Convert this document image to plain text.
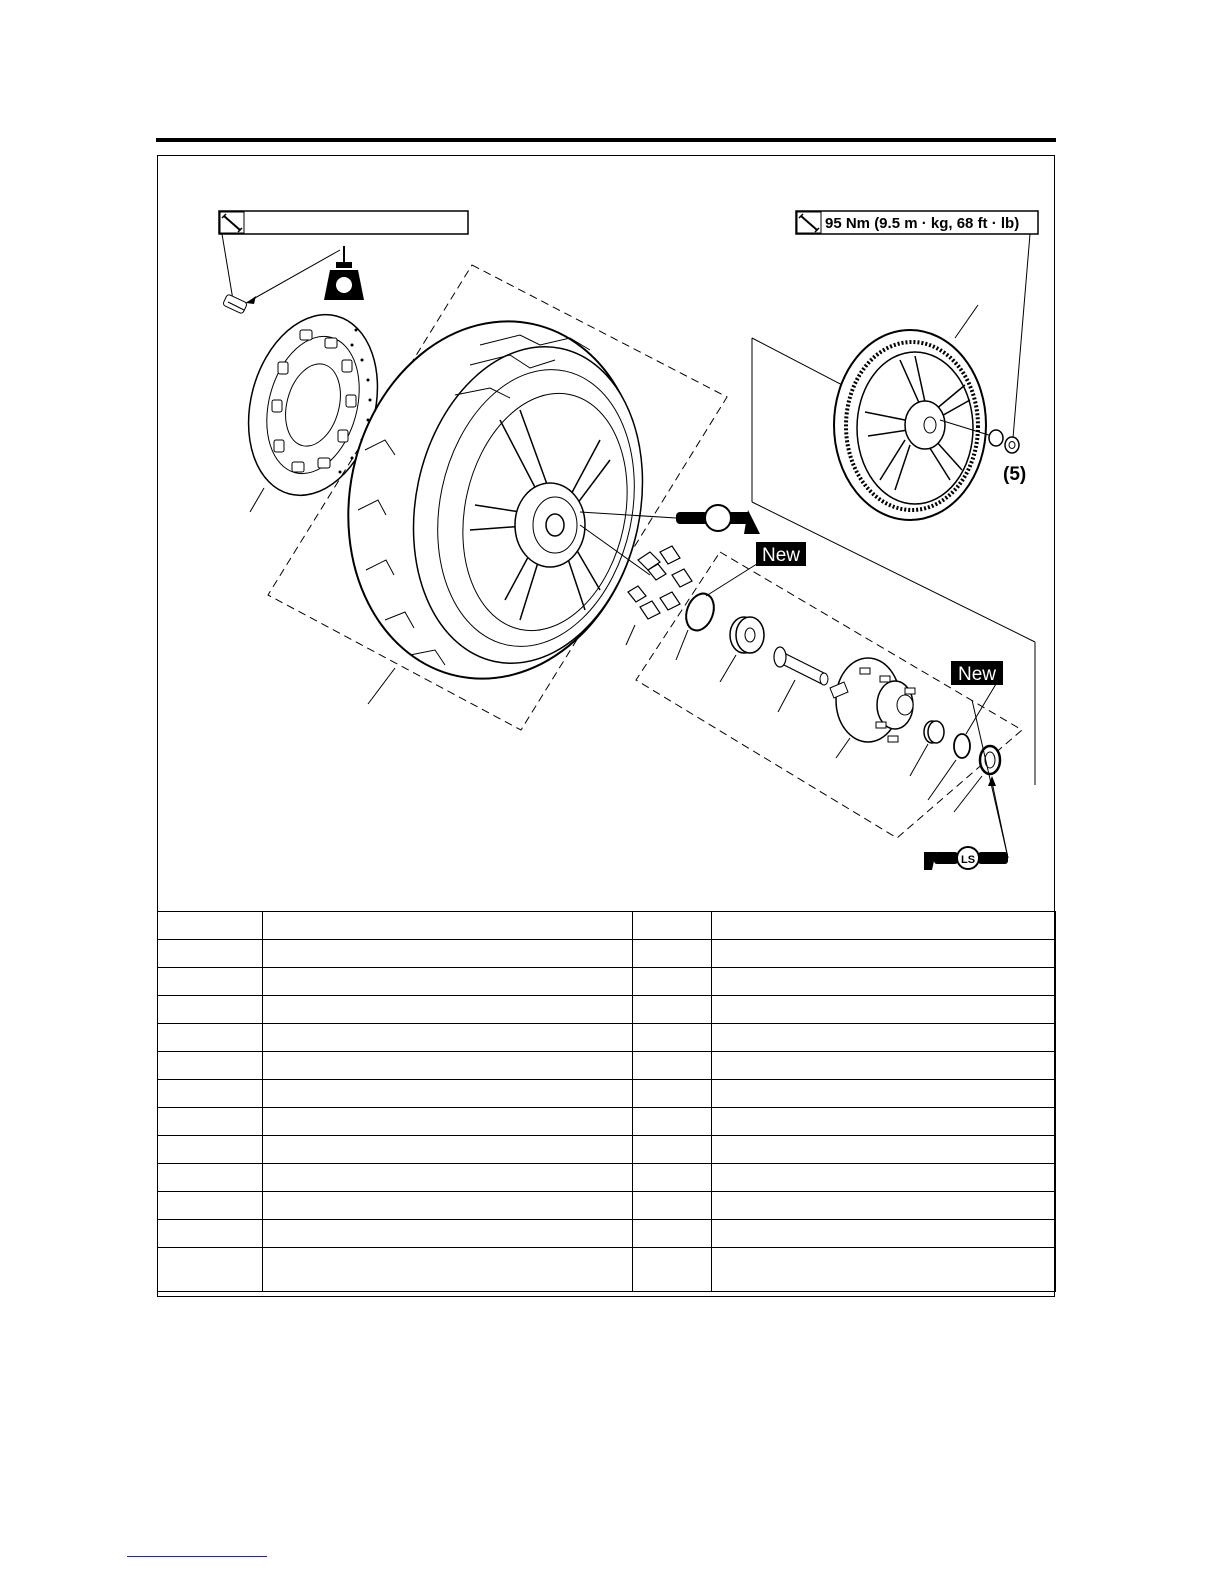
95 Nm (9.5 m · kg, 68 ft · lb)
New
New
LS
(5)
